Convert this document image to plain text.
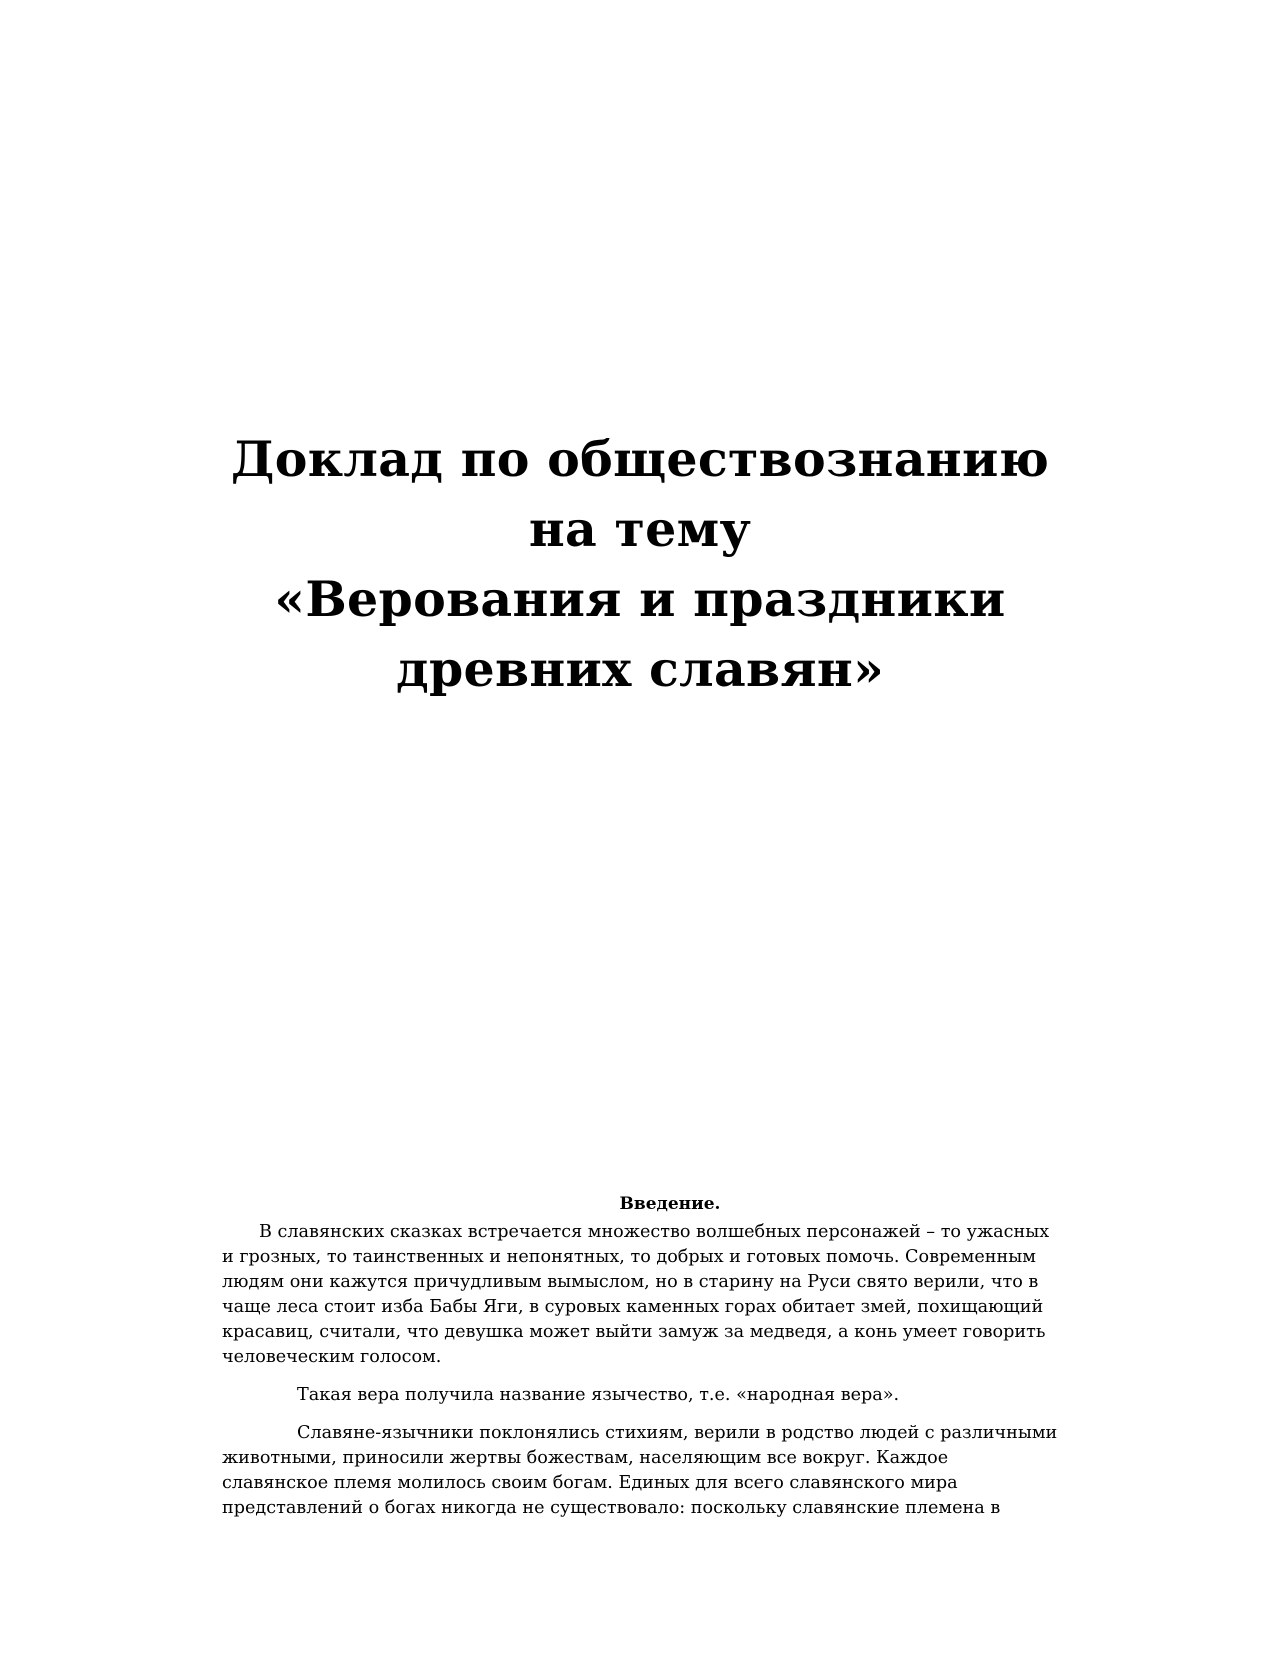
Доклад по обществознанию
на тему
«Верования и праздники
древних славян»
Введение.

В славянских сказках встречается множество волшебных персонажей – то ужасных
и грозных, то таинственных и непонятных, то добрых и готовых помочь. Современным
людям они кажутся причудливым вымыслом, но в старину на Руси свято верили, что в
чаще леса стоит изба Бабы Яги, в суровых каменных горах обитает змей, похищающий
красавиц, считали, что девушка может выйти замуж за медведя, а конь умеет говорить
человеческим голосом.

Такая вера получила название язычество, т.е. «народная вера».

Славяне-язычники поклонялись стихиям, верили в родство людей с различными
животными, приносили жертвы божествам, населяющим все вокруг. Каждое
славянское племя молилось своим богам. Единых для всего славянского мира
представлений о богах никогда не существовало: поскольку славянские племена в
